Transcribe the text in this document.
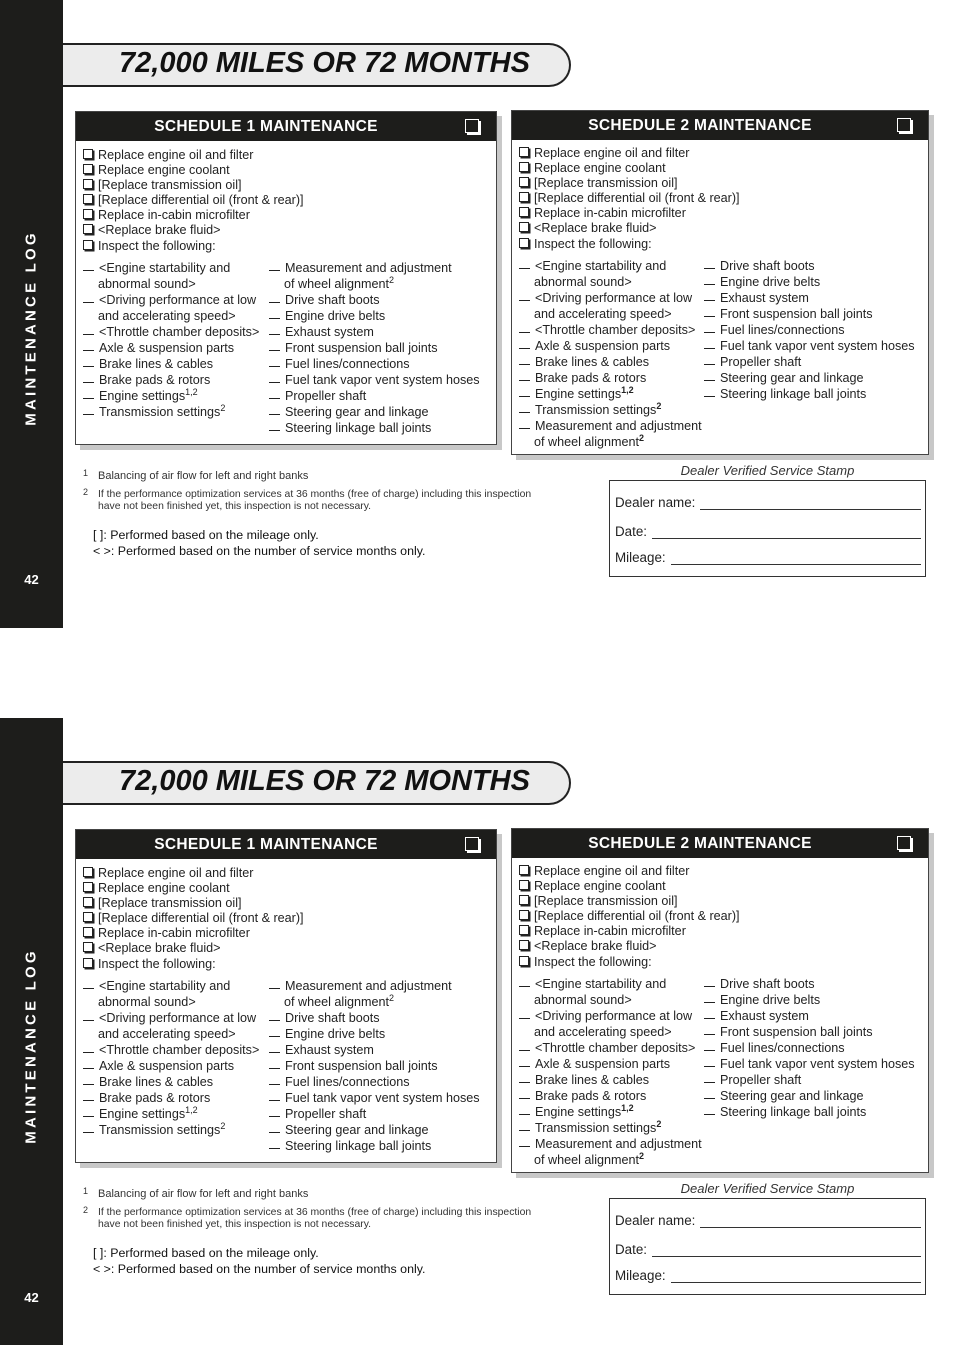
MAINTENANCE LOG
42
72,000 MILES OR 72 MONTHS
SCHEDULE 1 MAINTENANCE
Replace engine oil and filter
Replace engine coolant
[Replace transmission oil]
[Replace differential oil (front & rear)]
Replace in-cabin microfilter
<Replace brake fluid>
Inspect the following:
<Engine startability and
abnormal sound>
<Driving performance at low
and accelerating speed>
<Throttle chamber deposits>
Axle & suspension parts
Brake lines & cables
Brake pads & rotors
Engine settings$^{1,2}$
Transmission settings$^2$
Measurement and adjustment
of wheel alignment$^2$
Drive shaft boots
Engine drive belts
Exhaust system
Front suspension ball joints
Fuel lines/connections
Fuel tank vapor vent system hoses
Propeller shaft
Steering gear and linkage
Steering linkage ball joints
SCHEDULE 2 MAINTENANCE
Replace engine oil and filter
Replace engine coolant
[Replace transmission oil]
[Replace differential oil (front & rear)]
Replace in-cabin microfilter
<Replace brake fluid>
Inspect the following:
<Engine startability and
abnormal sound>
<Driving performance at low
and accelerating speed>
<Throttle chamber deposits>
Axle & suspension parts
Brake lines & cables
Brake pads & rotors
Engine settings$^{1,2}$
Transmission settings$^2$
Measurement and adjustment
of wheel alignment$^2$
Drive shaft boots
Engine drive belts
Exhaust system
Front suspension ball joints
Fuel lines/connections
Fuel tank vapor vent system hoses
Propeller shaft
Steering gear and linkage
Steering linkage ball joints
1 Balancing of air flow for left and right banks
2 If the performance optimization services at 36 months (free of charge) including this inspection have not been finished yet, this inspection is not necessary.
[ ]: Performed based on the mileage only.
< >: Performed based on the number of service months only.
Dealer Verified Service Stamp
Dealer name:
Date:
Mileage:
MAINTENANCE LOG
42
72,000 MILES OR 72 MONTHS
SCHEDULE 1 MAINTENANCE
Replace engine oil and filter
Replace engine coolant
[Replace transmission oil]
[Replace differential oil (front & rear)]
Replace in-cabin microfilter
<Replace brake fluid>
Inspect the following:
<Engine startability and
abnormal sound>
<Driving performance at low
and accelerating speed>
<Throttle chamber deposits>
Axle & suspension parts
Brake lines & cables
Brake pads & rotors
Engine settings$^{1,2}$
Transmission settings$^2$
Measurement and adjustment
of wheel alignment$^2$
Drive shaft boots
Engine drive belts
Exhaust system
Front suspension ball joints
Fuel lines/connections
Fuel tank vapor vent system hoses
Propeller shaft
Steering gear and linkage
Steering linkage ball joints
SCHEDULE 2 MAINTENANCE
Replace engine oil and filter
Replace engine coolant
[Replace transmission oil]
[Replace differential oil (front & rear)]
Replace in-cabin microfilter
<Replace brake fluid>
Inspect the following:
<Engine startability and
abnormal sound>
<Driving performance at low
and accelerating speed>
<Throttle chamber deposits>
Axle & suspension parts
Brake lines & cables
Brake pads & rotors
Engine settings$^{1,2}$
Transmission settings$^2$
Measurement and adjustment
of wheel alignment$^2$
Drive shaft boots
Engine drive belts
Exhaust system
Front suspension ball joints
Fuel lines/connections
Fuel tank vapor vent system hoses
Propeller shaft
Steering gear and linkage
Steering linkage ball joints
1 Balancing of air flow for left and right banks
2 If the performance optimization services at 36 months (free of charge) including this inspection have not been finished yet, this inspection is not necessary.
[ ]: Performed based on the mileage only.
< >: Performed based on the number of service months only.
Dealer Verified Service Stamp
Dealer name:
Date:
Mileage:
